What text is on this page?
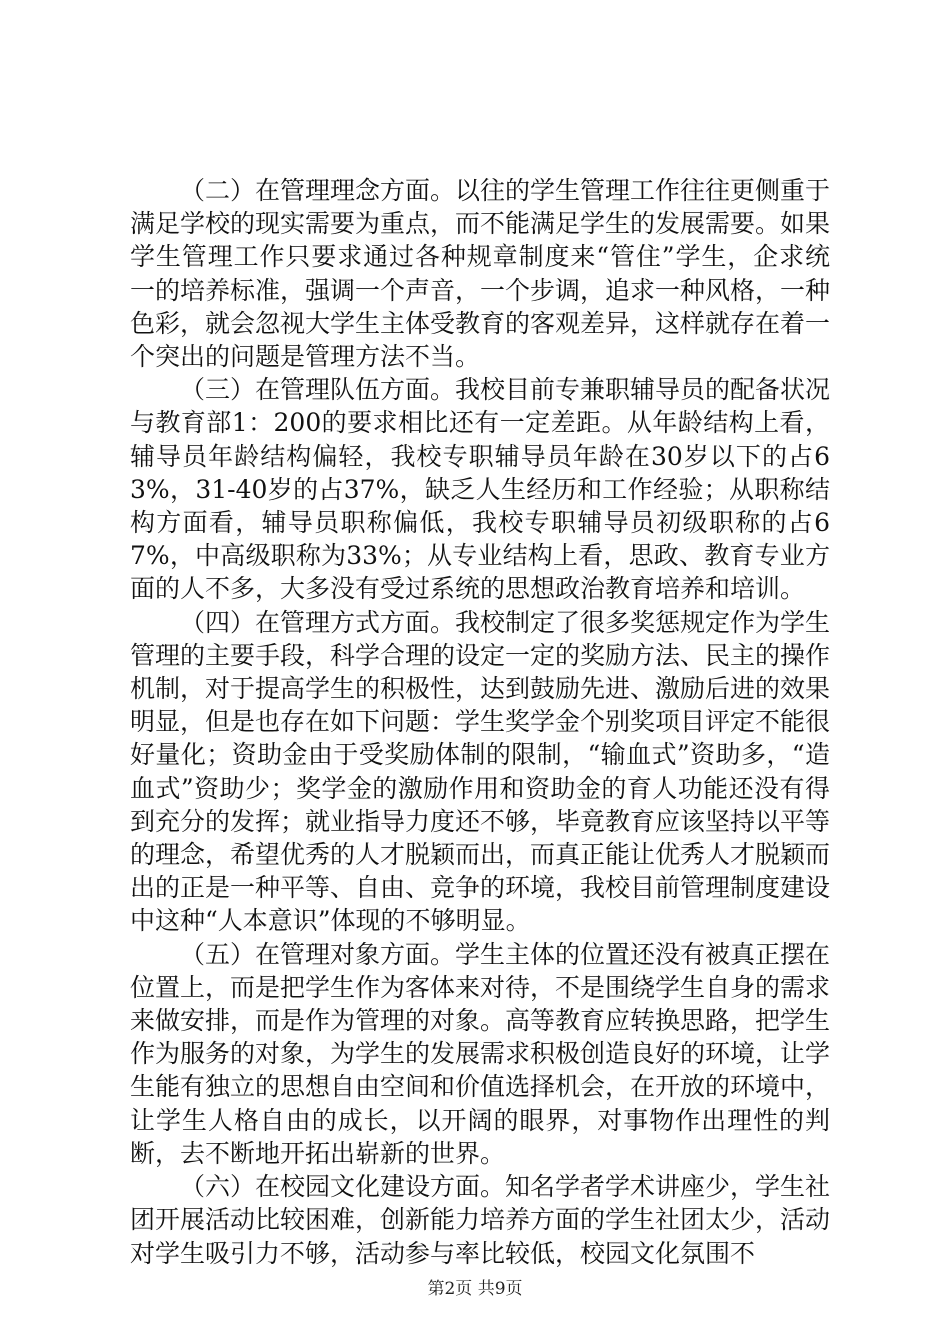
（二）在管理理念方面。以往的学生管理工作往往更侧重于满足学校的现实需要为重点，而不能满足学生的发展需要。如果学生管理工作只要求通过各种规章制度来“管住”学生，企求统一的培养标准，强调一个声音，一个步调，追求一种风格，一种色彩，就会忽视大学生主体受教育的客观差异，这样就存在着一个突出的问题是管理方法不当。

（三）在管理队伍方面。我校目前专兼职辅导员的配备状况与教育部1：200的要求相比还有一定差距。从年龄结构上看，辅导员年龄结构偏轻，我校专职辅导员年龄在30岁以下的占63%，31-40岁的占37%，缺乏人生经历和工作经验；从职称结构方面看，辅导员职称偏低，我校专职辅导员初级职称的占67%，中高级职称为33%；从专业结构上看，思政、教育专业方面的人不多，大多没有受过系统的思想政治教育培养和培训。

（四）在管理方式方面。我校制定了很多奖惩规定作为学生管理的主要手段，科学合理的设定一定的奖励方法、民主的操作机制，对于提高学生的积极性，达到鼓励先进、激励后进的效果明显，但是也存在如下问题：学生奖学金个别奖项目评定不能很好量化；资助金由于受奖励体制的限制，“输血式”资助多，“造血式”资助少；奖学金的激励作用和资助金的育人功能还没有得到充分的发挥；就业指导力度还不够，毕竟教育应该坚持以平等的理念，希望优秀的人才脱颖而出，而真正能让优秀人才脱颖而出的正是一种平等、自由、竞争的环境，我校目前管理制度建设中这种“人本意识”体现的不够明显。

（五）在管理对象方面。学生主体的位置还没有被真正摆在位置上，而是把学生作为客体来对待，不是围绕学生自身的需求来做安排，而是作为管理的对象。高等教育应转换思路，把学生作为服务的对象，为学生的发展需求积极创造良好的环境，让学生能有独立的思想自由空间和价值选择机会，在开放的环境中，让学生人格自由的成长，以开阔的眼界，对事物作出理性的判断，去不断地开拓出崭新的世界。

（六）在校园文化建设方面。知名学者学术讲座少，学生社团开展活动比较困难，创新能力培养方面的学生社团太少，活动对学生吸引力不够，活动参与率比较低，校园文化氛围不

第2页 共9页
